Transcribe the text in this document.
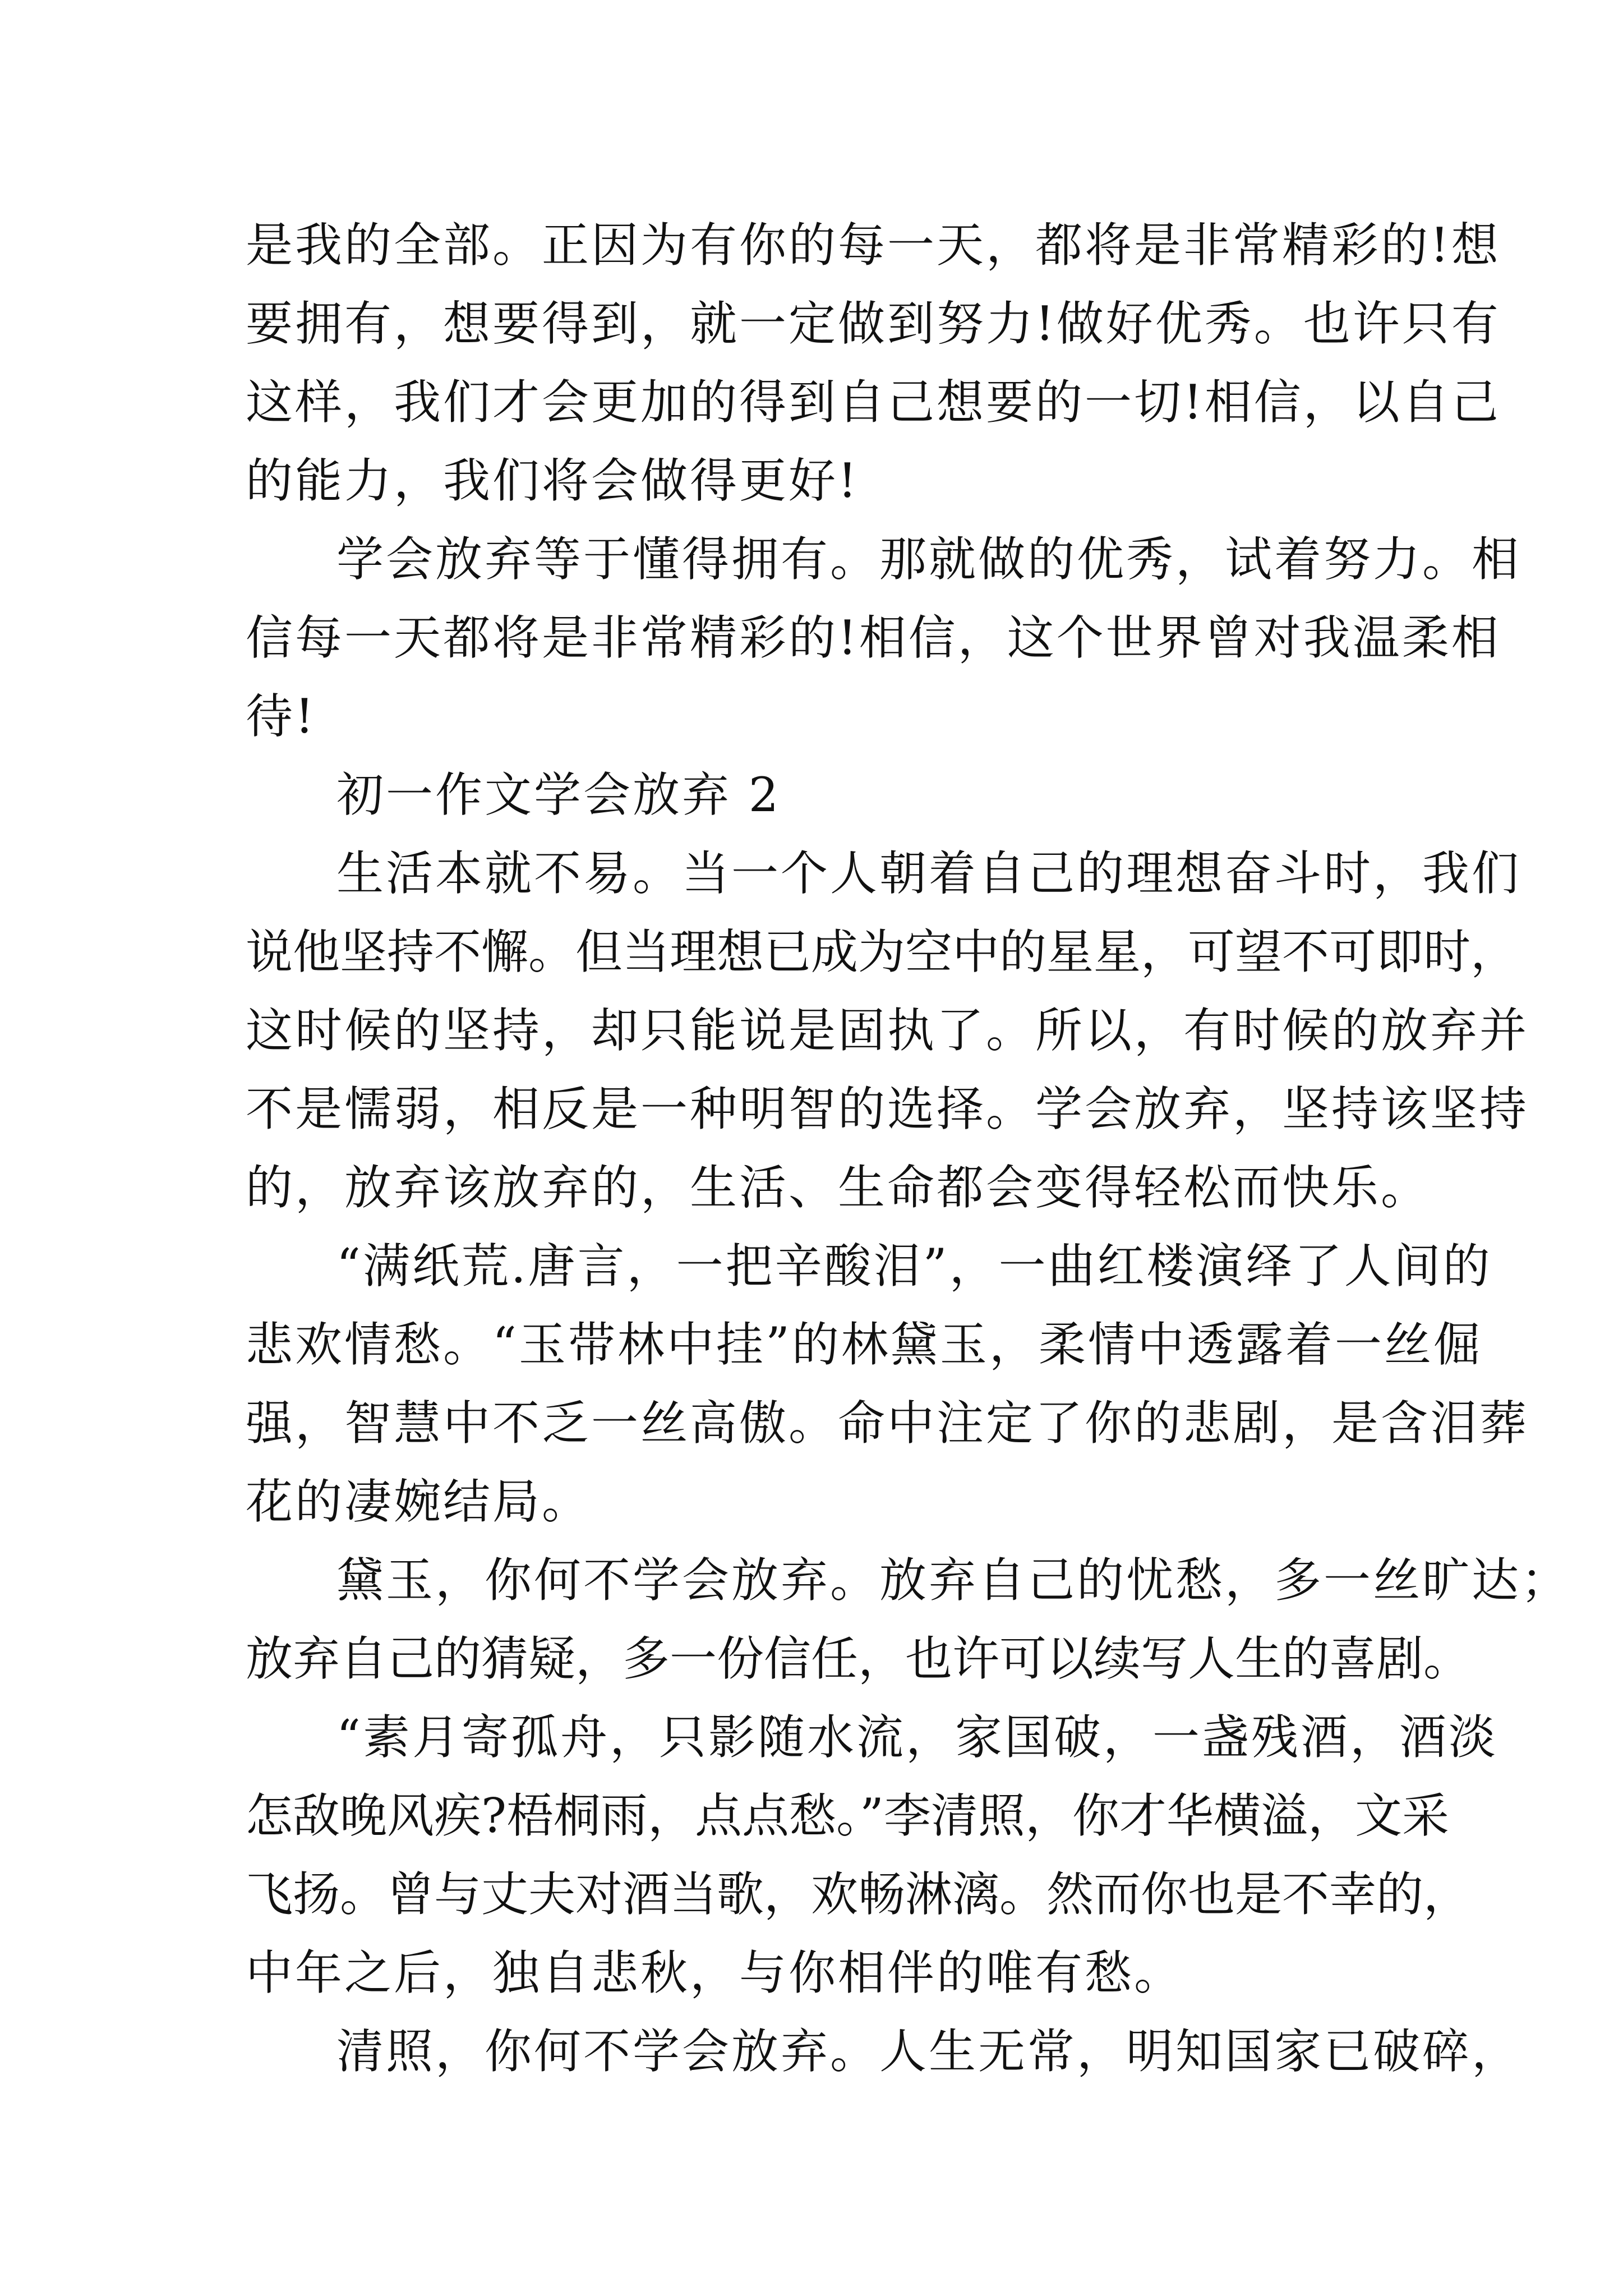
是我的全部。正因为有你的每一天，都将是非常精彩的!想
要拥有，想要得到，就一定做到努力!做好优秀。也许只有
这样，我们才会更加的得到自己想要的一切!相信，以自己
的能力，我们将会做得更好!
学会放弃等于懂得拥有。那就做的优秀，试着努力。相
信每一天都将是非常精彩的!相信，这个世界曾对我温柔相
待!
初一作文学会放弃 2
生活本就不易。当一个人朝着自己的理想奋斗时，我们
说他坚持不懈。但当理想已成为空中的星星，可望不可即时，
这时候的坚持，却只能说是固执了。所以，有时候的放弃并
不是懦弱，相反是一种明智的选择。学会放弃，坚持该坚持
的，放弃该放弃的，生活、生命都会变得轻松而快乐。
“满纸荒.唐言，一把辛酸泪”，一曲红楼演绎了人间的
悲欢情愁。“玉带林中挂”的林黛玉，柔情中透露着一丝倔
强，智慧中不乏一丝高傲。命中注定了你的悲剧，是含泪葬
花的凄婉结局。
黛玉，你何不学会放弃。放弃自己的忧愁，多一丝旷达；
放弃自己的猜疑，多一份信任，也许可以续写人生的喜剧。
“素月寄孤舟，只影随水流，家国破，一盏残酒，酒淡
怎敌晚风疾?梧桐雨，点点愁。”李清照，你才华横溢，文采
飞扬。曾与丈夫对酒当歌，欢畅淋漓。然而你也是不幸的，
中年之后，独自悲秋，与你相伴的唯有愁。
清照，你何不学会放弃。人生无常，明知国家已破碎，
